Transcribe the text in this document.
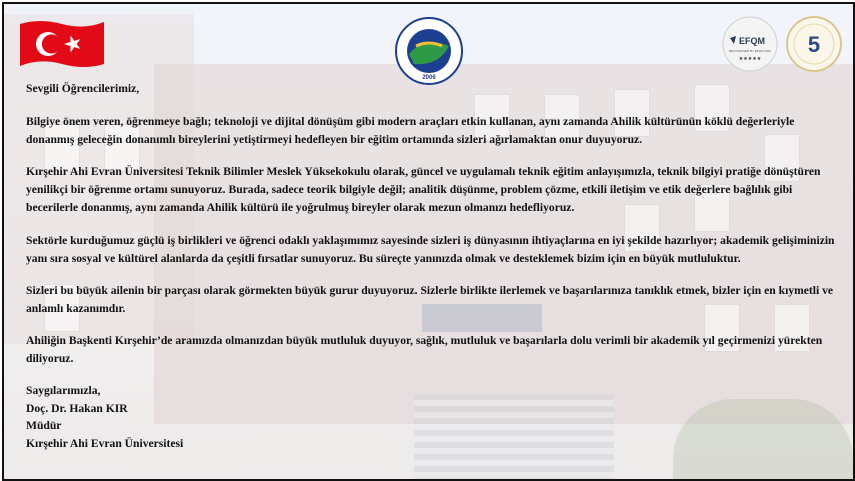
2006
EFQM
RECOGNISED BY EFQM 2023
★★★★★
5

Sevgili Öğrencilerimiz,

Bilgiye önem veren, öğrenmeye bağlı; teknoloji ve dijital dönüşüm gibi modern araçları etkin kullanan, aynı zamanda Ahilik kültürünün köklü değerleriyle donanmış geleceğin donanımlı bireylerini yetiştirmeyi hedefleyen bir eğitim ortamında sizleri ağırlamaktan onur duyuyoruz.

Kırşehir Ahi Evran Üniversitesi Teknik Bilimler Meslek Yüksekokulu olarak, güncel ve uygulamalı teknik eğitim anlayışımızla, teknik bilgiyi pratiğe dönüştüren yenilikçi bir öğrenme ortamı sunuyoruz. Burada, sadece teorik bilgiyle değil; analitik düşünme, problem çözme, etkili iletişim ve etik değerlere bağlılık gibi becerilerle donanmış, aynı zamanda Ahilik kültürü ile yoğrulmuş bireyler olarak mezun olmanızı hedefliyoruz.

Sektörle kurduğumuz güçlü iş birlikleri ve öğrenci odaklı yaklaşımımız sayesinde sizleri iş dünyasının ihtiyaçlarına en iyi şekilde hazırlıyor; akademik gelişiminizin yanı sıra sosyal ve kültürel alanlarda da çeşitli fırsatlar sunuyoruz. Bu süreçte yanınızda olmak ve desteklemek bizim için en büyük mutluluktur.

Sizleri bu büyük ailenin bir parçası olarak görmekten büyük gurur duyuyoruz. Sizlerle birlikte ilerlemek ve başarılarınıza tanıklık etmek, bizler için en kıymetli ve anlamlı kazanımdır.

Ahiliğin Başkenti Kırşehir’de aramızda olmanızdan büyük mutluluk duyuyor, sağlık, mutluluk ve başarılarla dolu verimli bir akademik yıl geçirmenizi yürekten diliyoruz.

Saygılarımızla,
Doç. Dr. Hakan KIR
Müdür
Kırşehir Ahi Evran Üniversitesi
